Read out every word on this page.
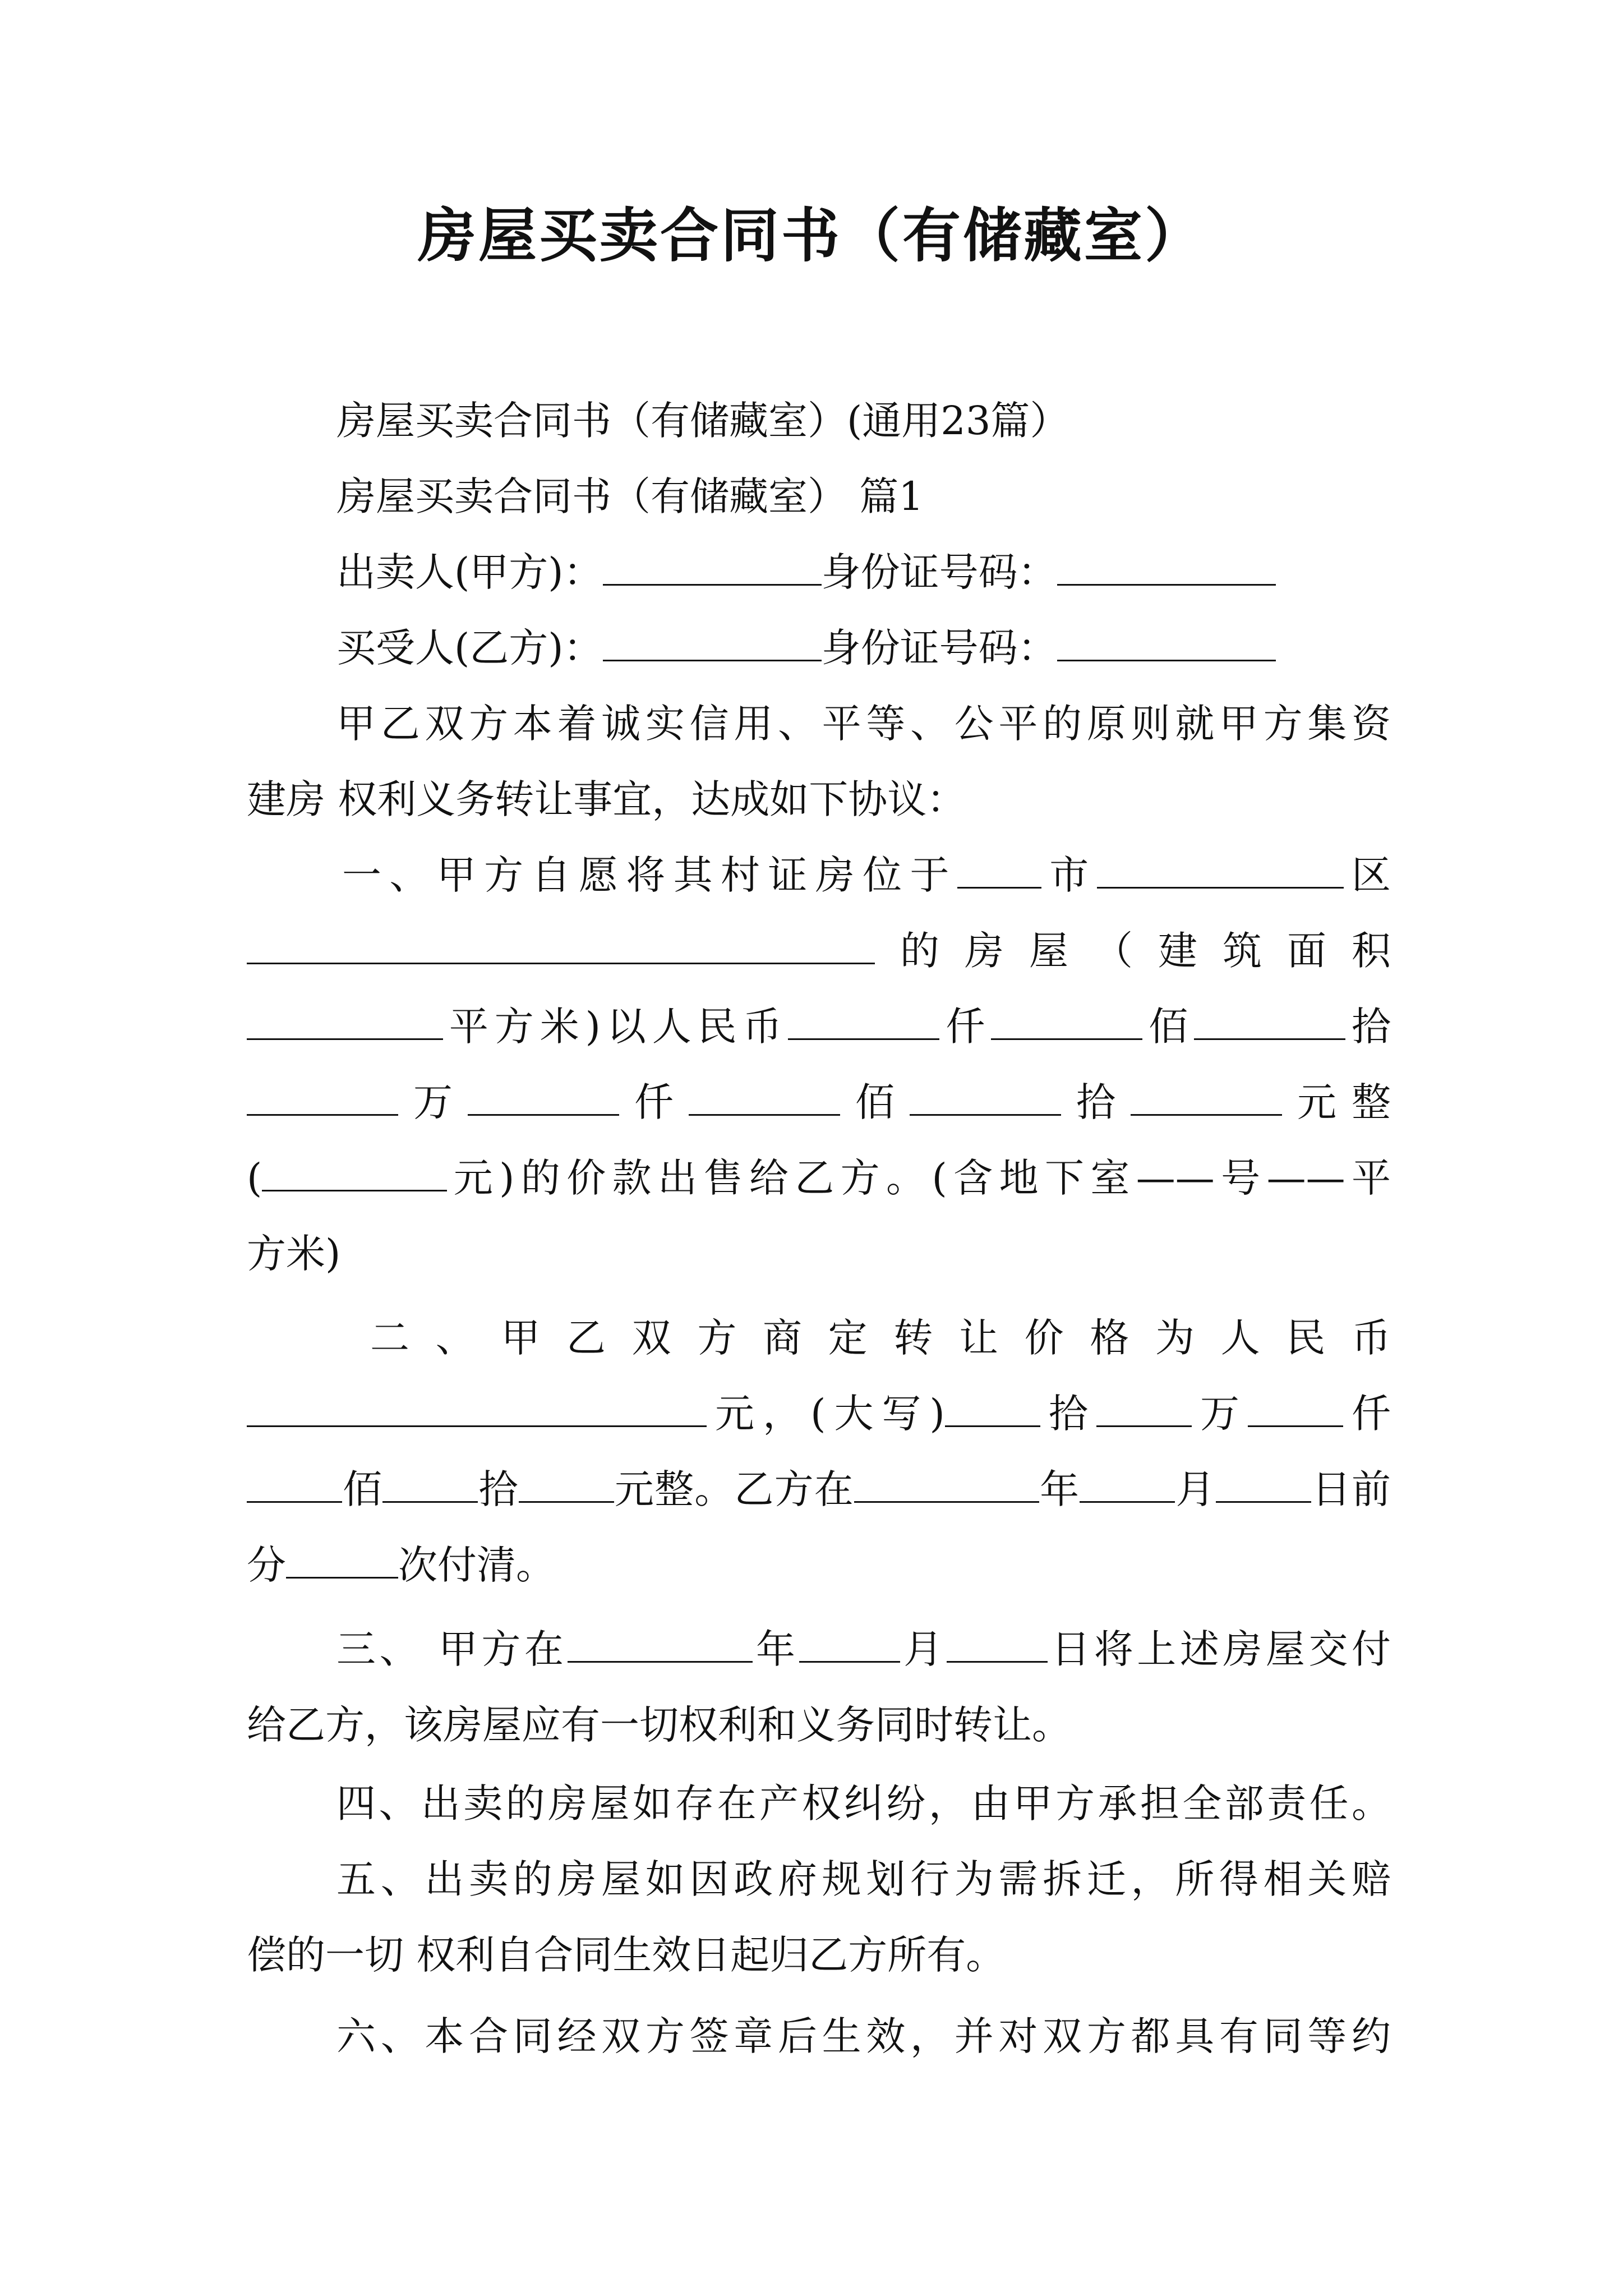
房屋买卖合同书（有储藏室）
房屋买卖合同书（有储藏室）(通用23篇）
房屋买卖合同书（有储藏室） 篇1
出卖人(甲方)：	身份证号码：
买受人(乙方)：	身份证号码：
甲乙双方本着诚实信用、平等、公平的原则就甲方集资
建房 权利义务转让事宜，达成如下协议：
一、甲方自愿将其村证房位于 市	区
的房屋（建筑面积
平方米)以人民币	仟	佰	拾
万	仟	佰	拾	元整
(	元)的价款出售给乙方。(含地下室——号——平
方米)
二、甲乙双方商定转让价格为人民币
元，(大写) 拾 万 仟
佰 拾 元整。乙方在	年 月 日前
分	次付清。
三、 甲方在	年	月	日将上述房屋交付
给乙方，该房屋应有一切权利和义务同时转让。
四、出卖的房屋如存在产权纠纷，由甲方承担全部责任。
五、出卖的房屋如因政府规划行为需拆迁，所得相关赔
偿的一切 权利自合同生效日起归乙方所有。
六、本合同经双方签章后生效，并对双方都具有同等约
